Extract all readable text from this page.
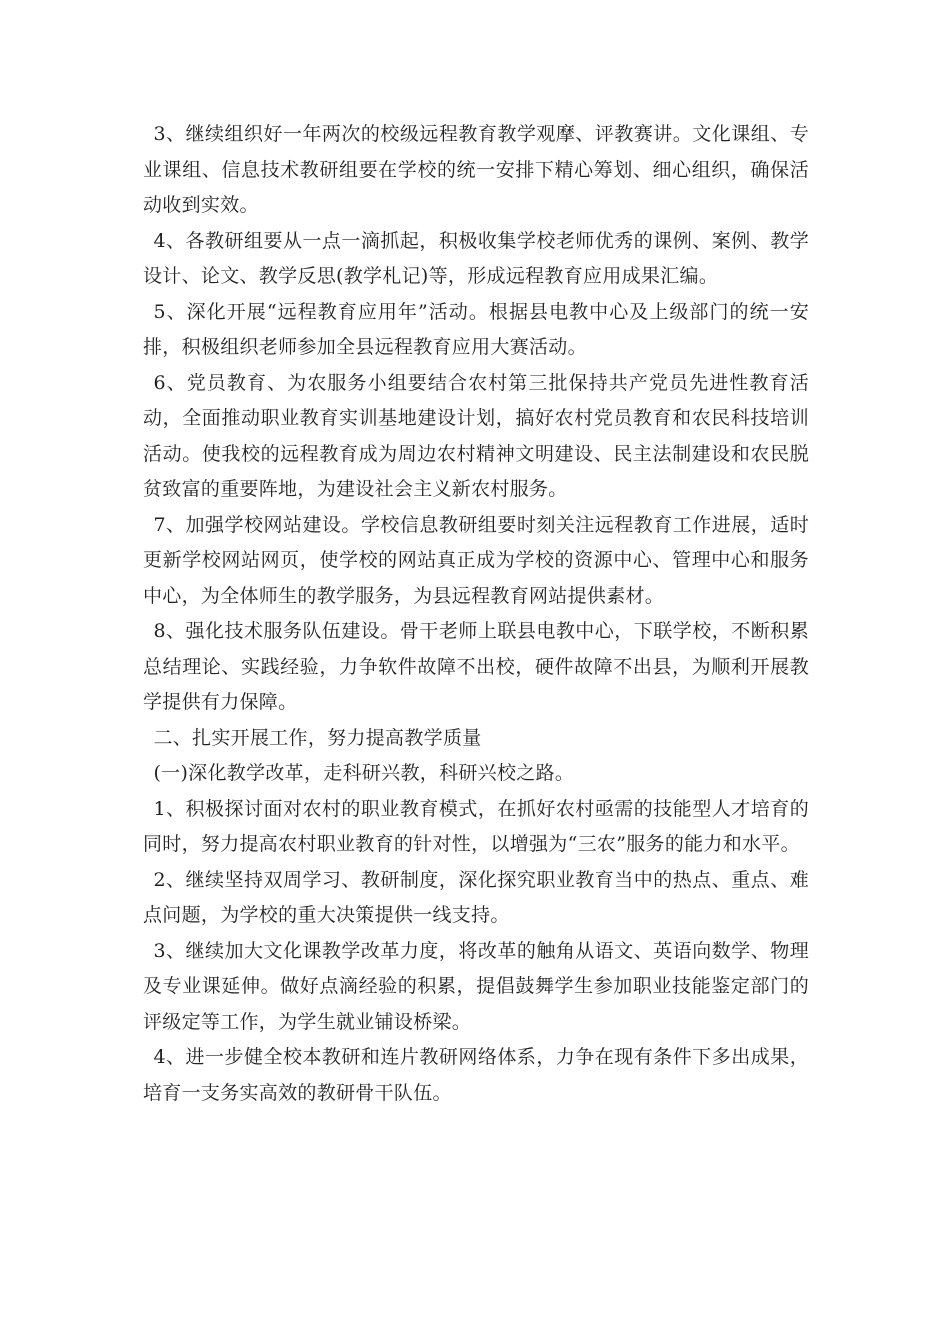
3、继续组织好一年两次的校级远程教育教学观摩、评教赛讲。文化课组、专业课组、信息技术教研组要在学校的统一安排下精心筹划、细心组织，确保活动收到实效。

4、各教研组要从一点一滴抓起，积极收集学校老师优秀的课例、案例、教学设计、论文、教学反思(教学札记)等，形成远程教育应用成果汇编。

5、深化开展“远程教育应用年”活动。根据县电教中心及上级部门的统一安排，积极组织老师参加全县远程教育应用大赛活动。

6、党员教育、为农服务小组要结合农村第三批保持共产党员先进性教育活动，全面推动职业教育实训基地建设计划，搞好农村党员教育和农民科技培训活动。使我校的远程教育成为周边农村精神文明建设、民主法制建设和农民脱贫致富的重要阵地，为建设社会主义新农村服务。

7、加强学校网站建设。学校信息教研组要时刻关注远程教育工作进展，适时更新学校网站网页，使学校的网站真正成为学校的资源中心、管理中心和服务中心，为全体师生的教学服务，为县远程教育网站提供素材。

8、强化技术服务队伍建设。骨干老师上联县电教中心，下联学校，不断积累总结理论、实践经验，力争软件故障不出校，硬件故障不出县，为顺利开展教学提供有力保障。

二、扎实开展工作，努力提高教学质量

(一)深化教学改革，走科研兴教，科研兴校之路。

1、积极探讨面对农村的职业教育模式，在抓好农村亟需的技能型人才培育的同时，努力提高农村职业教育的针对性，以增强为“三农”服务的能力和水平。

2、继续坚持双周学习、教研制度，深化探究职业教育当中的热点、重点、难点问题，为学校的重大决策提供一线支持。

3、继续加大文化课教学改革力度，将改革的触角从语文、英语向数学、物理及专业课延伸。做好点滴经验的积累，提倡鼓舞学生参加职业技能鉴定部门的评级定等工作，为学生就业铺设桥梁。

4、进一步健全校本教研和连片教研网络体系，力争在现有条件下多出成果，培育一支务实高效的教研骨干队伍。
